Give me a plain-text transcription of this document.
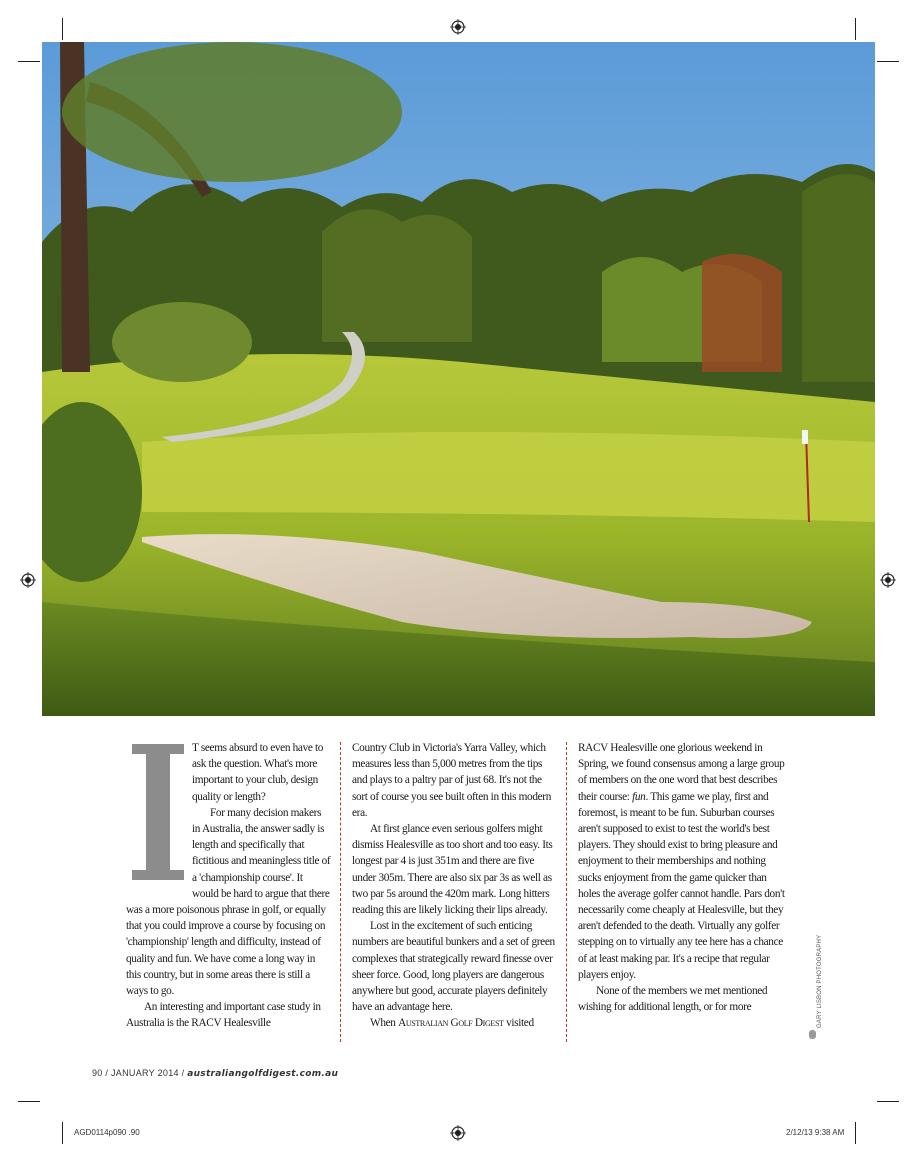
T seems absurd to even have to ask the question. What's more important to your club, design quality or length?

For many decision makers in Australia, the answer sadly is length and specifically that fictitious and meaningless title of a 'championship course'. It would be hard to argue that there was a more poisonous phrase in golf, or equally that you could improve a course by focusing on 'championship' length and difficulty, instead of quality and fun. We have come a long way in this country, but in some areas there is still a ways to go.

An interesting and important case study in Australia is the RACV Healesville

Country Club in Victoria's Yarra Valley, which measures less than 5,000 metres from the tips and plays to a paltry par of just 68. It's not the sort of course you see built often in this modern era.

At first glance even serious golfers might dismiss Healesville as too short and too easy. Its longest par 4 is just 351m and there are five under 305m. There are also six par 3s as well as two par 5s around the 420m mark. Long hitters reading this are likely licking their lips already.

Lost in the excitement of such enticing numbers are beautiful bunkers and a set of green complexes that strategically reward finesse over sheer force. Good, long players are dangerous anywhere but good, accurate players definitely have an advantage here.

When Australian Golf Digest visited

RACV Healesville one glorious weekend in Spring, we found consensus among a large group of members on the one word that best describes their course: fun. This game we play, first and foremost, is meant to be fun. Suburban courses aren't supposed to exist to test the world's best players. They should exist to bring pleasure and enjoyment to their memberships and nothing sucks enjoyment from the game quicker than holes the average golfer cannot handle. Pars don't necessarily come cheaply at Healesville, but they aren't defended to the death. Virtually any golfer stepping on to virtually any tee here has a chance of at least making par. It's a recipe that regular players enjoy.

None of the members we met mentioned wishing for additional length, or for more	GARY LISBON PHOTOGRAPHY
90 / JANUARY 2014 / australiangolfdigest.com.au
AGD0114p090 .90	2/12/13 9:38 AM
